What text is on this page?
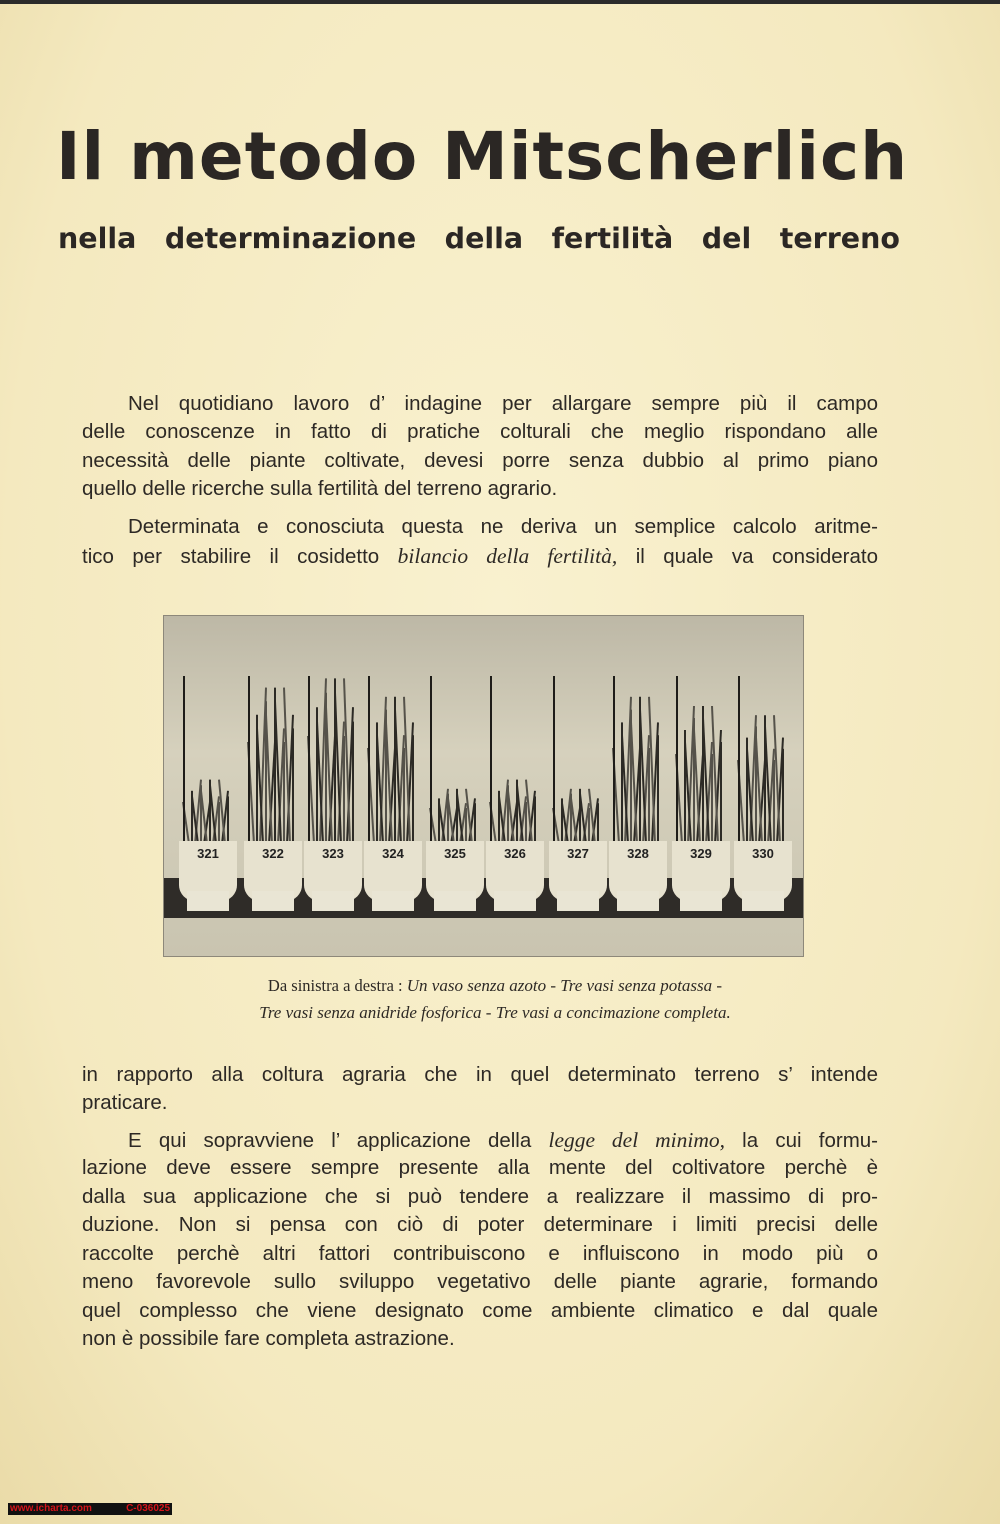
Il metodo Mitscherlich
nella determinazione della fertilità del terreno
Nel quotidiano lavoro d’ indagine per allargare sempre più il campo
delle conoscenze in fatto di pratiche colturali che meglio rispondano alle
necessità delle piante coltivate, devesi porre senza dubbio al primo piano
quello delle ricerche sulla fertilità del terreno agrario.
Determinata e conosciuta questa ne deriva un semplice calcolo aritme-
tico per stabilire il cosidetto bilancio della fertilità, il quale va considerato
321	322	323	324	325	326	327	328	329	330
Da sinistra a destra : Un vaso senza azoto - Tre vasi senza potassa -
Tre vasi senza anidride fosforica - Tre vasi a concimazione completa.
in rapporto alla coltura agraria che in quel determinato terreno s’ intende
praticare.
E qui sopravviene l’ applicazione della legge del minimo, la cui formu-
lazione deve essere sempre presente alla mente del coltivatore perchè è
dalla sua applicazione che si può tendere a realizzare il massimo di pro-
duzione. Non si pensa con ciò di poter determinare i limiti precisi delle
raccolte perchè altri fattori contribuiscono e influiscono in modo più o
meno favorevole sullo sviluppo vegetativo delle piante agrarie, formando
quel complesso che viene designato come ambiente climatico e dal quale
non è possibile fare completa astrazione.
www.icharta.com	C-036025
